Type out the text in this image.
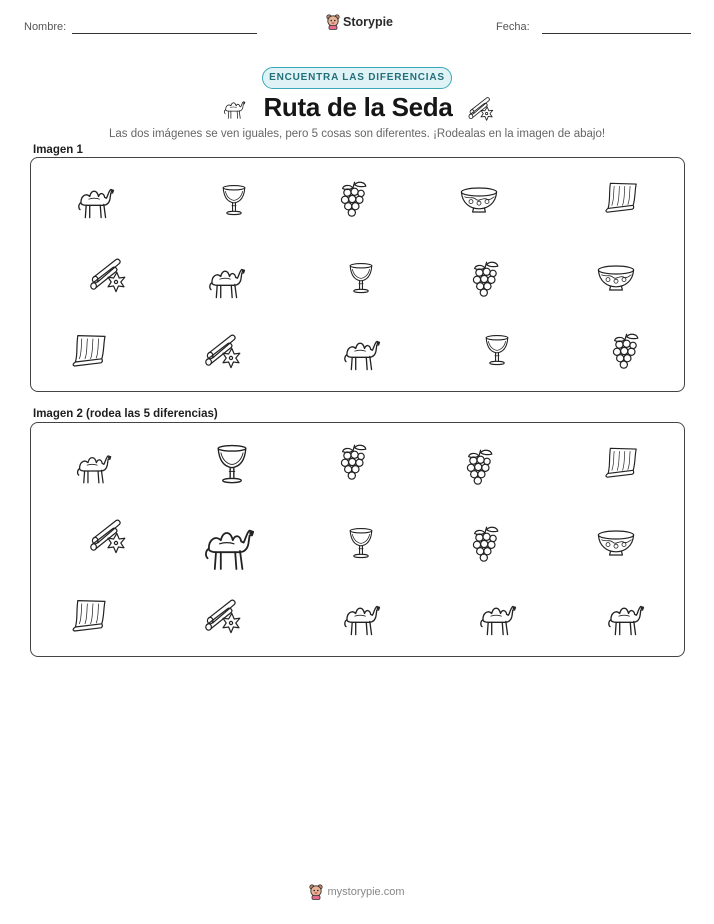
Nombre:	Storypie	Fecha:
ENCUENTRA LAS DIFERENCIAS
Ruta de la Seda
Las dos imágenes se ven iguales, pero 5 cosas son diferentes. ¡Rodealas en la imagen de abajo!
Imagen 1
Imagen 2 (rodea las 5 diferencias)
mystorypie.com
